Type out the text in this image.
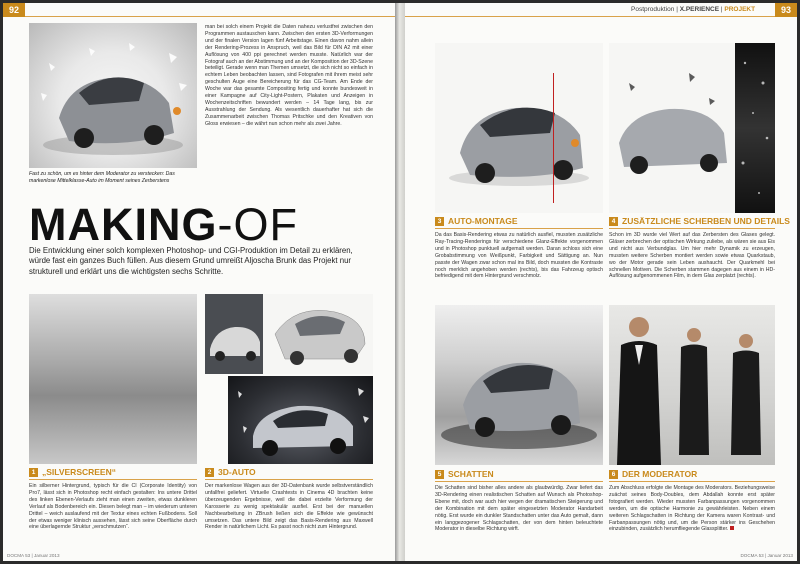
92
Fast zu schön, um es hinter dem Moderator zu verstecken: Das markenlose Mittelklasse-Auto im Moment seines Zerberstens
man bei solch einem Projekt die Daten nahezu verlustfrei zwischen den Programmen austauschen kann. Zwischen den ersten 3D-Verformungen und der finalen Version lagen fünf Arbeitstage. Einen davon nahm allein der Rendering-Prozess in Anspruch, weil das Bild für DIN A2 mit einer Auflösung von 400 ppi gerechnet werden musste. Natürlich war der Fotograf auch an der Abstimmung und an der Komposition der 3D-Szene beteiligt. Gerade wenn man Themen umsetzt, die sich nicht so einfach in echtem Leben beobachten lassen, sind Fotografen mit ihrem meist sehr geschulten Auge eine Bereicherung für das CG-Team. Am Ende der Woche war das gesamte Compositing fertig und konnte bundesweit in einer Kampagne auf City-Light-Postern, Plakaten und Anzeigen in Wochenzeitschriften bewundert werden – 14 Tage lang, bis zur Ausstrahlung der Sendung. Als wesentlich dauerhafter hat sich die Zusammenarbeit zwischen Thomas Pritschke und den Kreativen von Gloss erwiesen – die währt nun schon mehr als zwei Jahre.
MAKING-OF
Die Entwicklung einer solch komplexen Photoshop- und CGI-Produktion im Detail zu erklären, würde fast ein ganzes Buch füllen. Aus diesem Grund umreißt Aljoscha Brunk das Projekt nur strukturell und erklärt uns die wichtigsten sechs Schritte.
1 „SILVERSCREEN“
Ein silberner Hintergrund, typisch für die CI (Corporate Identity) von Pro7, lässt sich in Photoshop recht einfach gestalten: Ins untere Drittel des linken Ebenen-Verlaufs zieht man einen zweiten, etwas dunkleren Verlauf als Bodenbereich ein. Diesen belegt man – im wiederum unteren Drittel – weich auslaufend mit der Textur eines echten Fußbodens. Soll der etwas weniger klinisch aussehen, lässt sich seine Oberfläche durch eine überlagernde Struktur „verschmutzen“.
2 3D-AUTO
Der markenlose Wagen aus der 3D-Datenbank wurde selbstverständlich unfallfrei geliefert. Virtuelle Crashtests in Cinema 4D brachten keine überzeugenden Ergebnisse, weil die dabei erzielte Verformung der Karosserie zu wenig spektakulär ausfiel. Erst bei der manuellen Nachbearbeitung in ZBrush ließen sich die Effekte wie gewünscht umsetzen. Das untere Bild zeigt das Basis-Rendering aus Maxwell Render in natürlichem Licht. Es passt noch nicht zum Hintergrund.
DOCMA 53 | Januar 2013
Postproduktion | X.PERIENCE | PROJEKT	93
3 AUTO-MONTAGE
Da das Basis-Rendering etwas zu natürlich ausfiel, mussten zusätzliche Ray-Tracing-Renderings für verschiedene Glanz-Effekte vorgenommen und in Photoshop punktuell aufgemalt werden. Daran schloss sich eine Grobabstimmung von Weißpunkt, Farbigkeit und Sättigung an. Nun passte der Wagen zwar schon mal ins Bild, doch mussten die Kontraste noch merklich angehoben werden (rechts), bis das Fahrzeug optisch befriedigend mit dem Hintergrund verschmolz.
4 ZUSÄTZLICHE SCHERBEN UND DETAILS
Schon im 3D wurde viel Wert auf das Zerbersten des Glases gelegt. Gläser zerbrechen der optischen Wirkung zuliebe, als wären sie aus Eis und nicht aus Verbundglas. Um hier mehr Dynamik zu erzeugen, mussten weitere Scherben montiert werden sowie etwas Quarkstaub, wo der Motor gerade sein Leben aushaucht. Der Quarkmehl bei schnellen Motiven. Die Scherben stammen dagegen aus einem in HD-Auflösung aufgenommenen Film, in dem Glas zerplatzt (rechts).
5 SCHATTEN
Die Schatten sind bisher alles andere als glaubwürdig. Zwar liefert das 3D-Rendering einen realistischen Schatten auf Wunsch als Photoshop-Ebene mit, doch war auch hier wegen der dramatischen Steigerung und der Kombination mit dem später eingesetzten Moderator Handarbeit nötig. Erst wurde ein dunkler Standschatten unter das Auto gemalt, dann ein langgezogener Schlagschatten, der von dem hinten beleuchtete Moderator in dieselbe Richtung wirft.
6 DER MODERATOR
Zum Abschluss erfolgte die Montage des Moderators. Beziehungsweise zuächst seines Body-Doubles, dem Abdallah konnte erst später fotografiert werden. Wieder mussten Farbanpassungen vorgenommen werden, um die optische Harmonie zu gewährleisten. Neben einem weiteren Schlagschatten in Richtung der Kamera waren Kontrast- und Farbanpassungen nötig und, um die Person stärker ins Geschehen einzubinden, zusätzlich herumfliegende Glassplitter.
DOCMA 53 | Januar 2013
